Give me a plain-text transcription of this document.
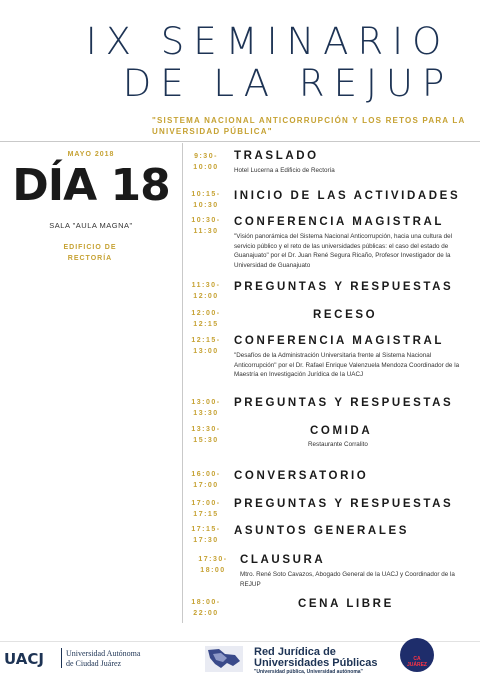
IX SEMINARIO
DE LA REJUP
"SISTEMA NACIONAL ANTICORRUPCIÓN Y LOS RETOS PARA LA UNIVERSIDAD PÚBLICA"
MAYO 2018
DÍA 18
SALA "AULA MAGNA"
EDIFICIO DE RECTORÍA
9:30- 10:00
TRASLADO
Hotel Lucerna a Edificio de Rectoría
10:15- 10:30
INICIO DE LAS ACTIVIDADES
10:30- 11:30
CONFERENCIA MAGISTRAL
"Visión panorámica del Sistema Nacional Anticorrupción, hacia una cultura del servicio público y el reto de las universidades públicas: el caso del estado de Guanajuato" por el Dr. Juan René Segura Ricaño, Profesor Investigador de la Universidad de Guanajuato
11:30- 12:00
PREGUNTAS Y RESPUESTAS
12:00- 12:15
RECESO
12:15- 13:00
CONFERENCIA MAGISTRAL
"Desafíos de la Administración Universitaria frente al Sistema Nacional Anticorrupción" por el Dr. Rafael Enrique Valenzuela Mendoza Coordinador de la Maestría en Investigación Jurídica de la UACJ
13:00- 13:30
PREGUNTAS Y RESPUESTAS
13:30- 15:30
COMIDA
Restaurante Corralito
16:00- 17:00
CONVERSATORIO
17:00- 17:15
PREGUNTAS Y RESPUESTAS
17:15- 17:30
ASUNTOS GENERALES
17:30- 18:00
CLAUSURA
Mtro. René Soto Cavazos, Abogado General de la UACJ y Coordinador de la REJUP
18:00- 22:00
CENA LIBRE
UACJ	Universidad Autónoma
de Ciudad Juárez
Red Jurídica de
Universidades Públicas
"Universidad pública, Universidad autónoma"
CA JUÁREZ
